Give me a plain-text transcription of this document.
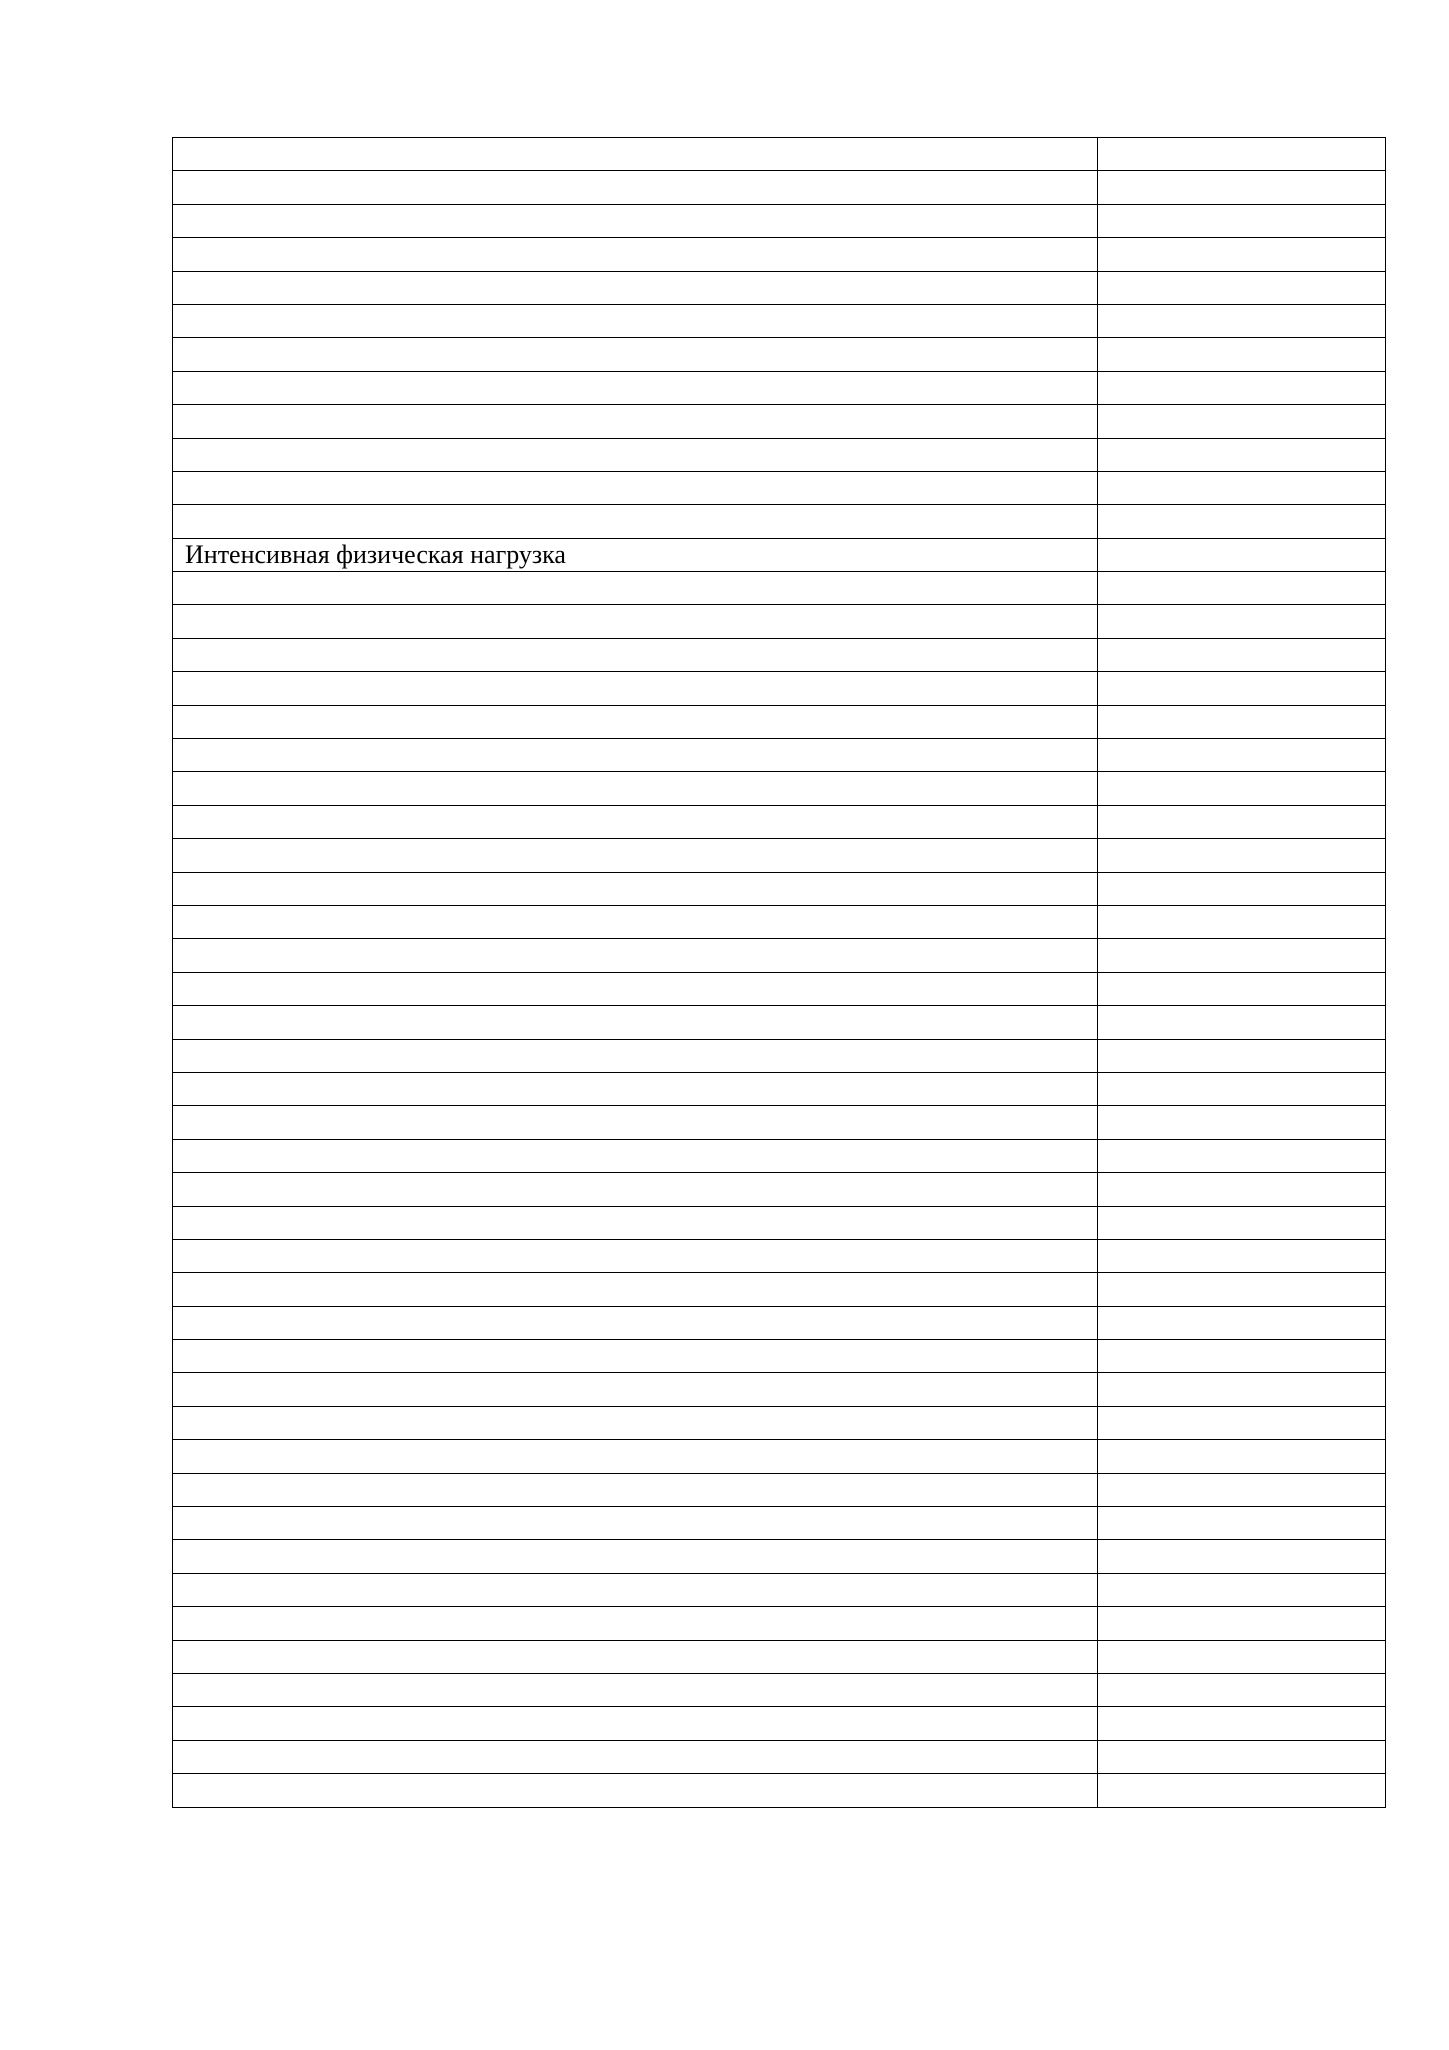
Интенсивная физическая нагрузка	
